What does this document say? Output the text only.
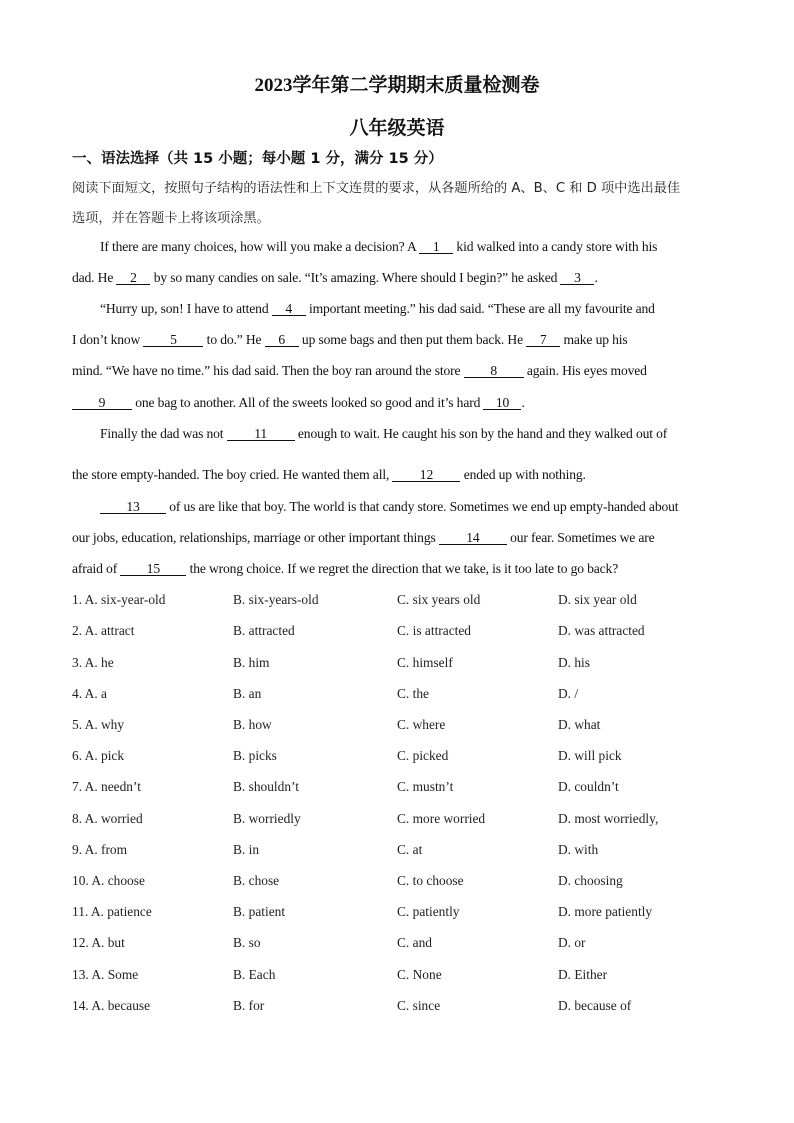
2023学年第二学期期末质量检测卷
八年级英语
一、语法选择（共 15 小题；每小题 1 分，满分 15 分）
阅读下面短文，按照句子结构的语法性和上下文连贯的要求，从各题所给的 A、B、C 和 D 项中选出最佳
选项，并在答题卡上将该项涂黑。
If there are many choices, how will you make a decision? A 1 kid walked into a candy store with his
dad. He 2 by so many candies on sale. “It’s amazing. Where should I begin?” he asked 3 .
“Hurry up, son! I have to attend 4 important meeting.” his dad said. “These are all my favourite and
I don’t know 5 to do.” He 6 up some bags and then put them back. He 7 make up his
mind. “We have no time.” his dad said. Then the boy ran around the store 8 again. His eyes moved
9 one bag to another. All of the sweets looked so good and it’s hard 10 .
Finally the dad was not 11 enough to wait. He caught his son by the hand and they walked out of
the store empty-handed. The boy cried. He wanted them all, 12 ended up with nothing.
13 of us are like that boy. The world is that candy store. Sometimes we end up empty-handed about
our jobs, education, relationships, marriage or other important things 14 our fear. Sometimes we are
afraid of 15 the wrong choice. If we regret the direction that we take, is it too late to go back?
1. A. six-year-old	B. six-years-old	C. six years old	D. six year old
2. A. attract	B. attracted	C. is attracted	D. was attracted
3. A. he	B. him	C. himself	D. his
4. A. a	B. an	C. the	D. /
5. A. why	B. how	C. where	D. what
6. A. pick	B. picks	C. picked	D. will pick
7. A. needn’t	B. shouldn’t	C. mustn’t	D. couldn’t
8. A. worried	B. worriedly	C. more worried	D. most worriedly,
9. A. from	B. in	C. at	D. with
10. A. choose	B. chose	C. to choose	D. choosing
11. A. patience	B. patient	C. patiently	D. more patiently
12. A. but	B. so	C. and	D. or
13. A. Some	B. Each	C. None	D. Either
14. A. because	B. for	C. since	D. because of
